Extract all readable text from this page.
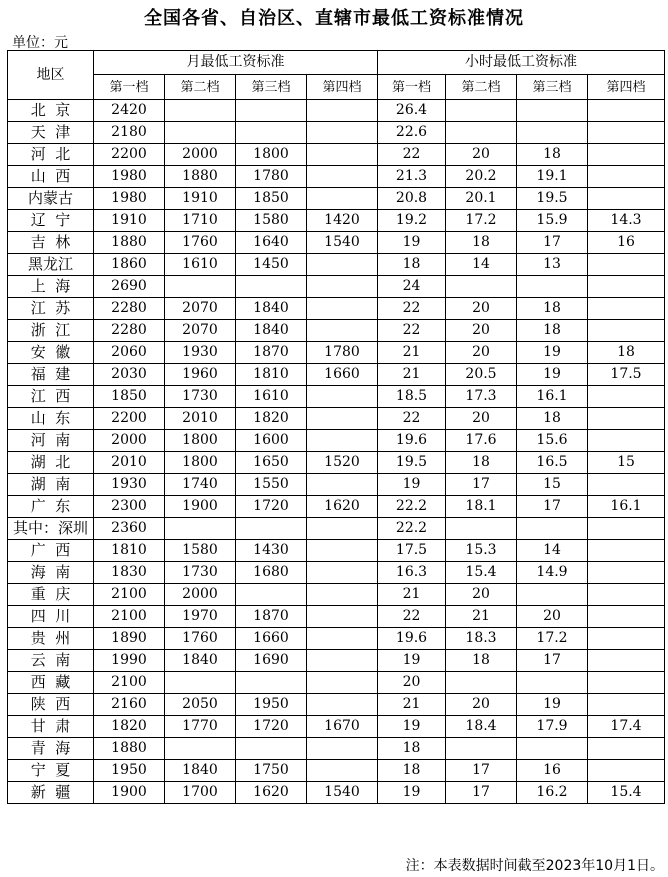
全国各省、自治区、直辖市最低工资标准情况
单位：元
地区	月最低工资标准				小时最低工资标准			
	第一档	第二档	第三档	第四档	第一档	第二档	第三档	第四档
北  京	2420				26.4			
天  津	2180				22.6			
河  北	2200	2000	1800		22	20	18	
山  西	1980	1880	1780		21.3	20.2	19.1	
内蒙古	1980	1910	1850		20.8	20.1	19.5	
辽  宁	1910	1710	1580	1420	19.2	17.2	15.9	14.3
吉  林	1880	1760	1640	1540	19	18	17	16
黑龙江	1860	1610	1450		18	14	13	
上  海	2690				24			
江  苏	2280	2070	1840		22	20	18	
浙  江	2280	2070	1840		22	20	18	
安  徽	2060	1930	1870	1780	21	20	19	18
福  建	2030	1960	1810	1660	21	20.5	19	17.5
江  西	1850	1730	1610		18.5	17.3	16.1	
山  东	2200	2010	1820		22	20	18	
河  南	2000	1800	1600		19.6	17.6	15.6	
湖  北	2010	1800	1650	1520	19.5	18	16.5	15
湖  南	1930	1740	1550		19	17	15	
广  东	2300	1900	1720	1620	22.2	18.1	17	16.1
其中：深圳	2360				22.2			
广  西	1810	1580	1430		17.5	15.3	14	
海  南	1830	1730	1680		16.3	15.4	14.9	
重  庆	2100	2000			21	20		
四  川	2100	1970	1870		22	21	20	
贵  州	1890	1760	1660		19.6	18.3	17.2	
云  南	1990	1840	1690		19	18	17	
西  藏	2100				20			
陕  西	2160	2050	1950		21	20	19	
甘  肃	1820	1770	1720	1670	19	18.4	17.9	17.4
青  海	1880				18			
宁  夏	1950	1840	1750		18	17	16	
新  疆	1900	1700	1620	1540	19	17	16.2	15.4
注：本表数据时间截至2023年10月1日。
